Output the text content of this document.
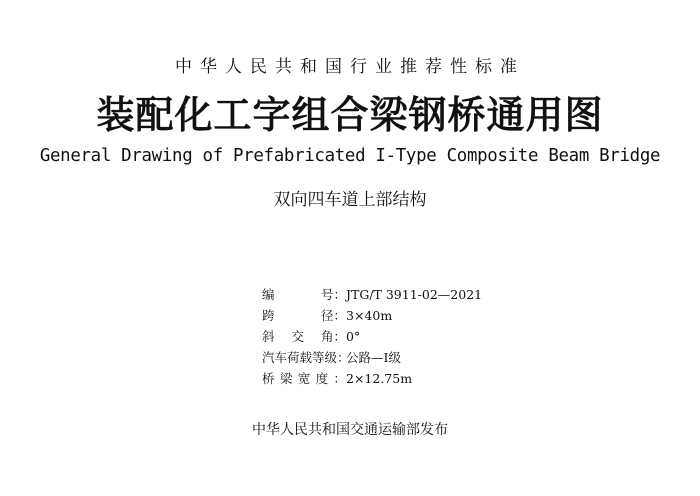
中华人民共和国行业推荐性标准
装配化工字组合梁钢桥通用图
General Drawing of Prefabricated I-Type Composite Beam Bridge
双向四车道上部结构
编	号： JTG/T 3911-02—2021
跨	径： 3×40m
斜 交 角： 0°
汽车荷载等级：
公路—Ⅰ级
桥 梁 宽 度 ： 2×12.75m
中华人民共和国交通运输部发布
